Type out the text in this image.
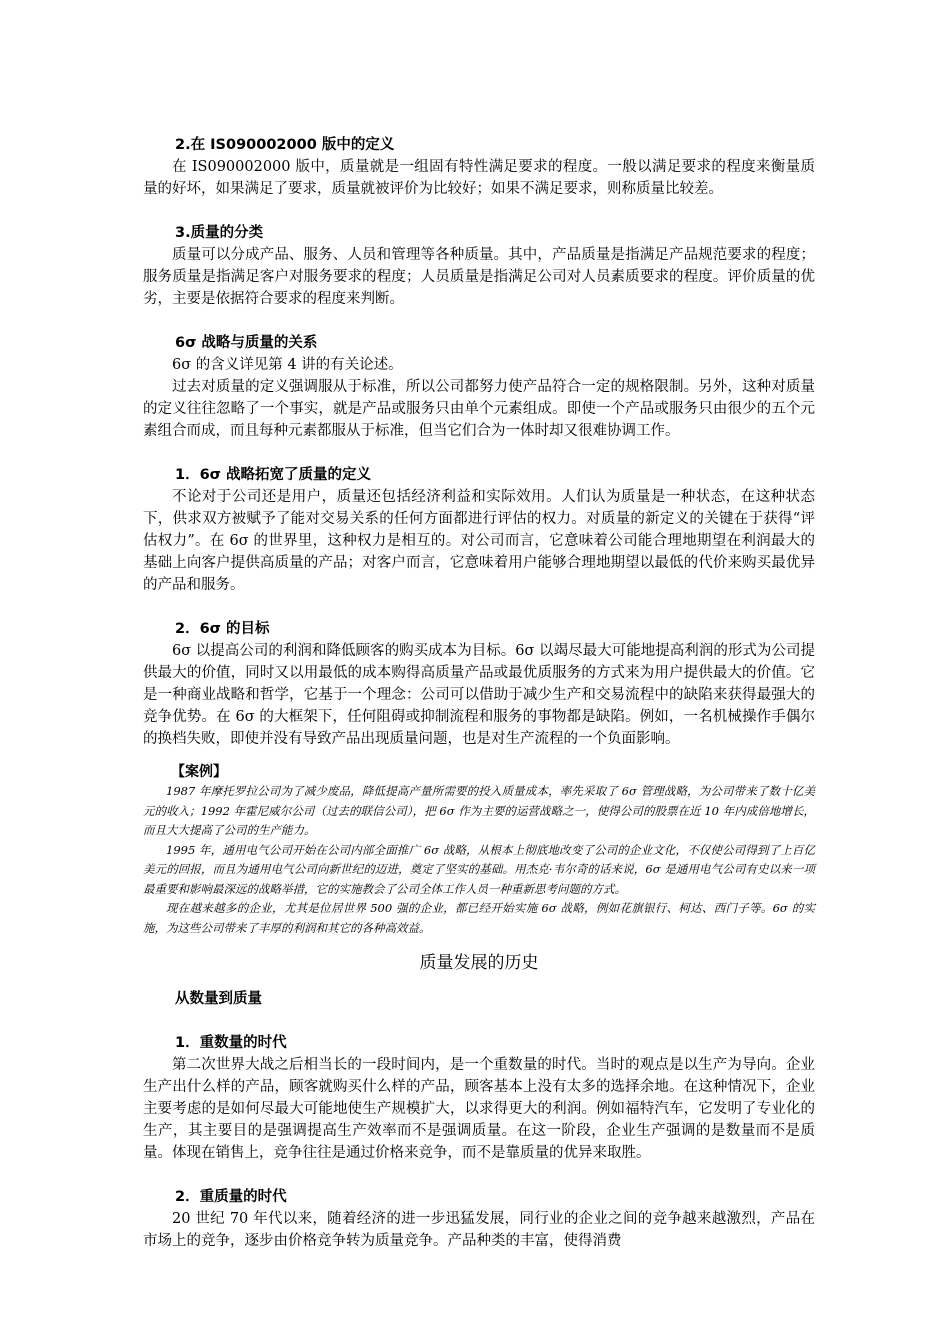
2.在 IS090002000 版中的定义

在 IS090002000 版中，质量就是一组固有特性满足要求的程度。一般以满足要求的程度来衡量质量的好坏，如果满足了要求，质量就被评价为比较好；如果不满足要求，则称质量比较差。

3.质量的分类

质量可以分成产品、服务、人员和管理等各种质量。其中，产品质量是指满足产品规范要求的程度；服务质量是指满足客户对服务要求的程度；人员质量是指满足公司对人员素质要求的程度。评价质量的优劣，主要是依据符合要求的程度来判断。

6σ 战略与质量的关系

6σ 的含义详见第 4 讲的有关论述。

过去对质量的定义强调服从于标准，所以公司都努力使产品符合一定的规格限制。另外，这种对质量的定义往往忽略了一个事实，就是产品或服务只由单个元素组成。即使一个产品或服务只由很少的五个元素组合而成，而且每种元素都服从于标准，但当它们合为一体时却又很难协调工作。

1．6σ 战略拓宽了质量的定义

不论对于公司还是用户，质量还包括经济利益和实际效用。人们认为质量是一种状态，在这种状态下，供求双方被赋予了能对交易关系的任何方面都进行评估的权力。对质量的新定义的关键在于获得“评估权力”。在 6σ 的世界里，这种权力是相互的。对公司而言，它意味着公司能合理地期望在利润最大的基础上向客户提供高质量的产品；对客户而言，它意味着用户能够合理地期望以最低的代价来购买最优异的产品和服务。

2．6σ 的目标

6σ 以提高公司的利润和降低顾客的购买成本为目标。6σ 以竭尽最大可能地提高利润的形式为公司提供最大的价值，同时又以用最低的成本购得高质量产品或最优质服务的方式来为用户提供最大的价值。它是一种商业战略和哲学，它基于一个理念：公司可以借助于减少生产和交易流程中的缺陷来获得最强大的竞争优势。在 6σ 的大框架下，任何阻碍或抑制流程和服务的事物都是缺陷。例如，一名机械操作手偶尔的换档失败，即使并没有导致产品出现质量问题，也是对生产流程的一个负面影响。

【案例】

1987 年摩托罗拉公司为了减少废品，降低提高产量所需要的投入质量成本，率先采取了 6σ 管理战略，为公司带来了数十亿美元的收入；1992 年霍尼威尔公司（过去的联信公司），把 6σ 作为主要的运营战略之一，使得公司的股票在近 10 年内成倍地增长，而且大大提高了公司的生产能力。

1995 年，通用电气公司开始在公司内部全面推广 6σ 战略，从根本上彻底地改变了公司的企业文化，不仅使公司得到了上百亿美元的回报，而且为通用电气公司向新世纪的迈进，奠定了坚实的基础。用杰克·韦尔奇的话来说，6σ 是通用电气公司有史以来一项最重要和影响最深远的战略举措，它的实施教会了公司全体工作人员一种重新思考问题的方式。

现在越来越多的企业，尤其是位居世界 500 强的企业，都已经开始实施 6σ 战略，例如花旗银行、柯达、西门子等。6σ 的实施，为这些公司带来了丰厚的利润和其它的各种高效益。

质量发展的历史
从数量到质量
1．重数量的时代

第二次世界大战之后相当长的一段时间内，是一个重数量的时代。当时的观点是以生产为导向。企业生产出什么样的产品，顾客就购买什么样的产品，顾客基本上没有太多的选择余地。在这种情况下，企业主要考虑的是如何尽最大可能地使生产规模扩大，以求得更大的利润。例如福特汽车，它发明了专业化的生产，其主要目的是强调提高生产效率而不是强调质量。在这一阶段，企业生产强调的是数量而不是质量。体现在销售上，竞争往往是通过价格来竞争，而不是靠质量的优异来取胜。

2．重质量的时代

20 世纪 70 年代以来，随着经济的进一步迅猛发展，同行业的企业之间的竞争越来越激烈，产品在市场上的竞争，逐步由价格竞争转为质量竞争。产品种类的丰富，使得消费
